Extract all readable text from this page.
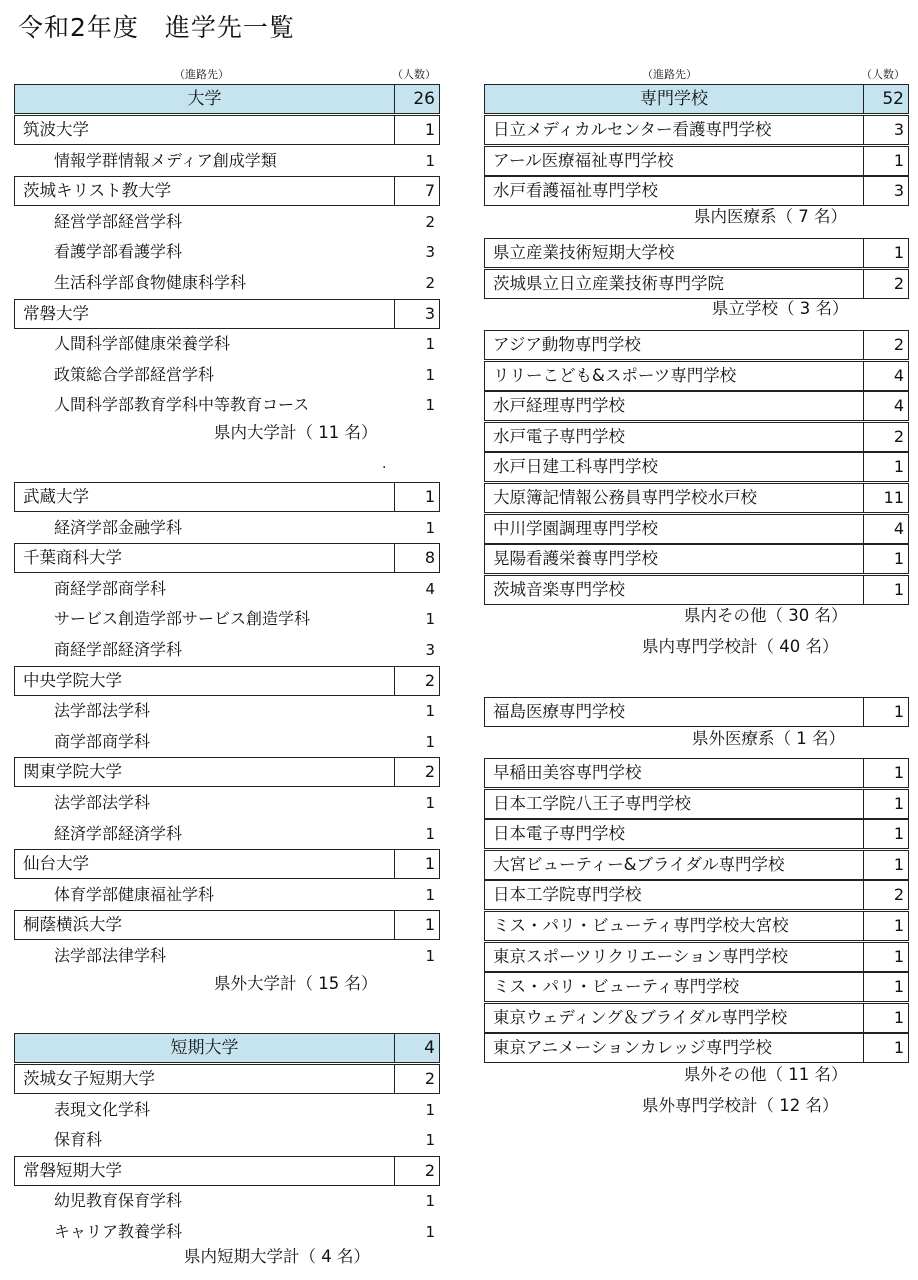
令和2年度　進学先一覧
（進路先）	（人数）
大学	26
筑波大学	1
情報学群情報メディア創成学類	1
茨城キリスト教大学	7
経営学部経営学科	2
看護学部看護学科	3
生活科学部食物健康科学科	2
常磐大学	3
人間科学部健康栄養学科	1
政策総合学部経営学科	1
人間科学部教育学科中等教育コース	1
県内大学計（ 11 名）
武蔵大学	1
経済学部金融学科	1
千葉商科大学	8
商経学部商学科	4
サービス創造学部サービス創造学科	1
商経学部経済学科	3
中央学院大学	2
法学部法学科	1
商学部商学科	1
関東学院大学	2
法学部法学科	1
経済学部経済学科	1
仙台大学	1
体育学部健康福祉学科	1
桐蔭横浜大学	1
法学部法律学科	1
県外大学計（ 15 名）
短期大学	4
茨城女子短期大学	2
表現文化学科	1
保育科	1
常磐短期大学	2
幼児教育保育学科	1
キャリア教養学科	1
県内短期大学計（ 4 名）
（進路先）	（人数）
専門学校	52
日立メディカルセンター看護専門学校	3
アール医療福祉専門学校	1
水戸看護福祉専門学校	3
県内医療系（ 7 名）
県立産業技術短期大学校	1
茨城県立日立産業技術専門学院	2
県立学校（ 3 名）
アジア動物専門学校	2
リリーこども&スポーツ専門学校	4
水戸経理専門学校	4
水戸電子専門学校	2
水戸日建工科専門学校	1
大原簿記情報公務員専門学校水戸校	11
中川学園調理専門学校	4
晃陽看護栄養専門学校	1
茨城音楽専門学校	1
県内その他（ 30 名）
県内専門学校計（ 40 名）
福島医療専門学校	1
県外医療系（ 1 名）
早稲田美容専門学校	1
日本工学院八王子専門学校	1
日本電子専門学校	1
大宮ビューティー&ブライダル専門学校	1
日本工学院専門学校	2
ミス・パリ・ビューティ専門学校大宮校	1
東京スポーツリクリエーション専門学校	1
ミス・パリ・ビューティ専門学校	1
東京ウェディング＆ブライダル専門学校	1
東京アニメーションカレッジ専門学校	1
県外その他（ 11 名）
県外専門学校計（ 12 名）
.
